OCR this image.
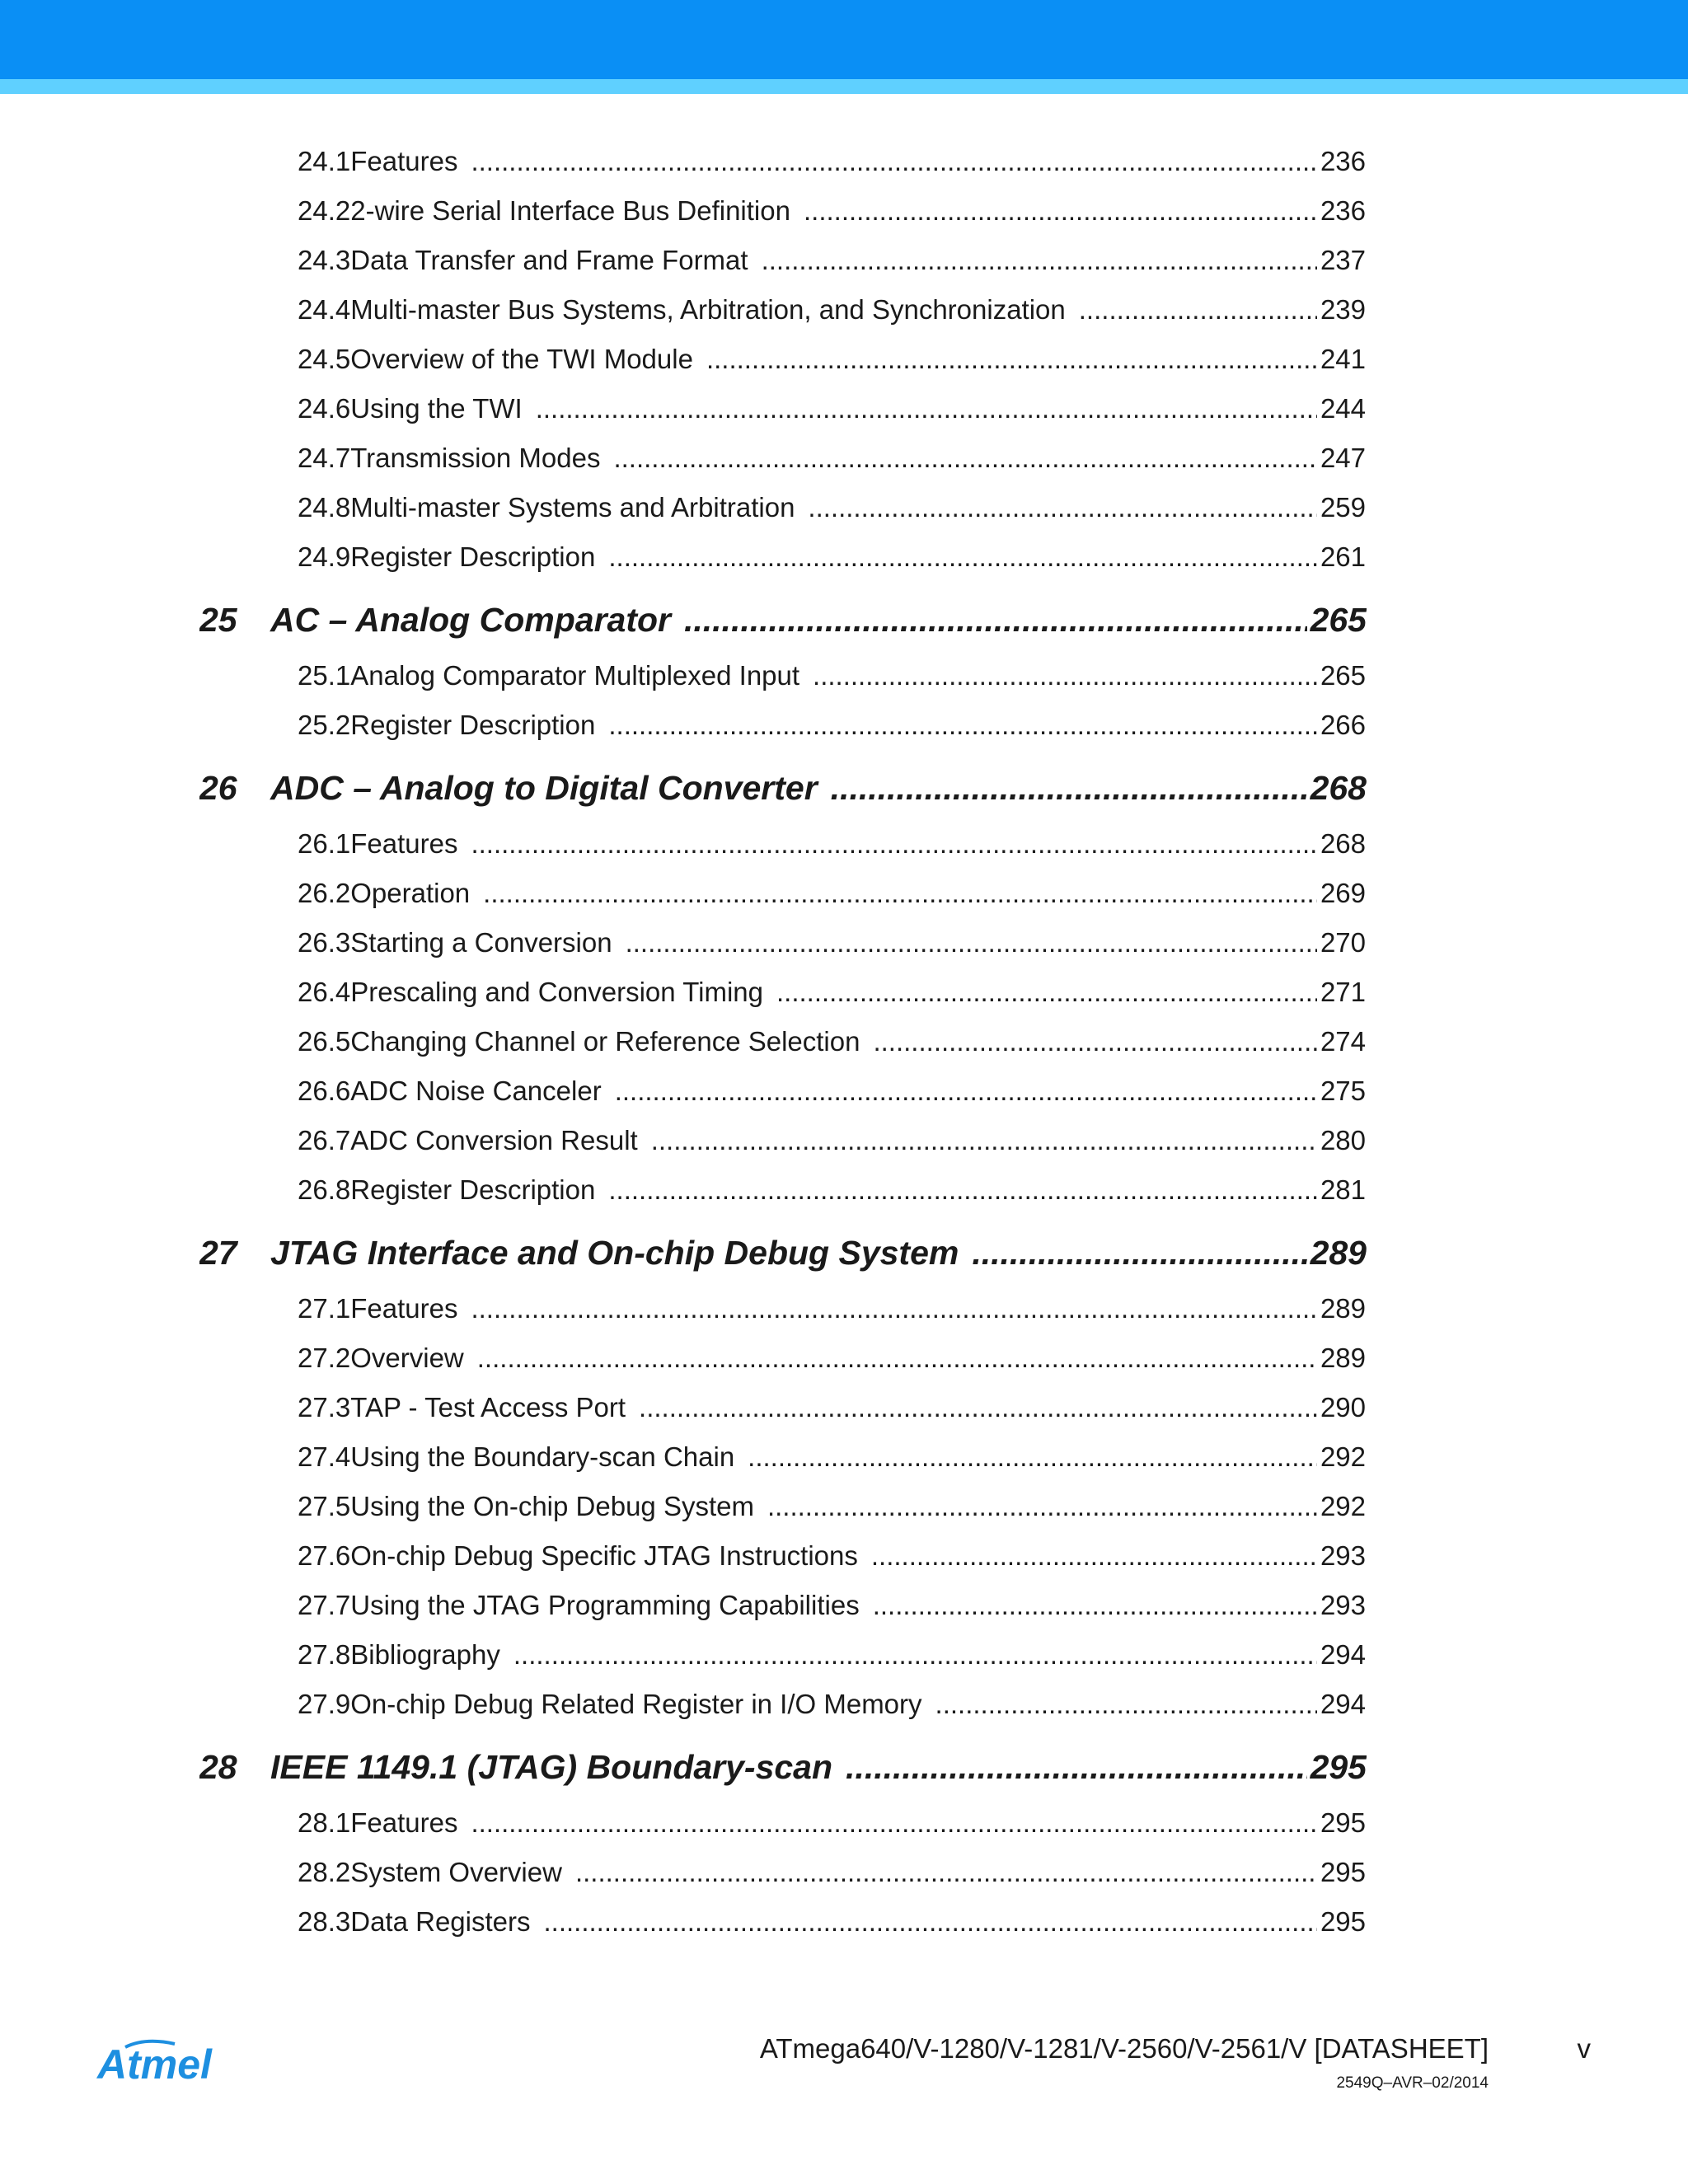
24.1 Features .....	236
24.2 2-wire Serial Interface Bus Definition .....	236
24.3 Data Transfer and Frame Format .....	237
24.4 Multi-master Bus Systems, Arbitration, and Synchronization .....	239
24.5 Overview of the TWI Module .....	241
24.6 Using the TWI .....	244
24.7 Transmission Modes .....	247
24.8 Multi-master Systems and Arbitration .....	259
24.9 Register Description .....	261
25 AC – Analog Comparator .....	265
25.1 Analog Comparator Multiplexed Input .....	265
25.2 Register Description .....	266
26 ADC – Analog to Digital Converter .....	268
26.1 Features .....	268
26.2 Operation .....	269
26.3 Starting a Conversion .....	270
26.4 Prescaling and Conversion Timing .....	271
26.5 Changing Channel or Reference Selection .....	274
26.6 ADC Noise Canceler .....	275
26.7 ADC Conversion Result .....	280
26.8 Register Description .....	281
27 JTAG Interface and On-chip Debug System .....	289
27.1 Features .....	289
27.2 Overview .....	289
27.3 TAP - Test Access Port .....	290
27.4 Using the Boundary-scan Chain .....	292
27.5 Using the On-chip Debug System .....	292
27.6 On-chip Debug Specific JTAG Instructions .....	293
27.7 Using the JTAG Programming Capabilities .....	293
27.8 Bibliography .....	294
27.9 On-chip Debug Related Register in I/O Memory .....	294
28 IEEE 1149.1 (JTAG) Boundary-scan .....	295
28.1 Features .....	295
28.2 System Overview .....	295
28.3 Data Registers .....	295
Atmel	ATmega640/V-1280/V-1281/V-2560/V-2561/V [DATASHEET]	v
2549Q–AVR–02/2014
